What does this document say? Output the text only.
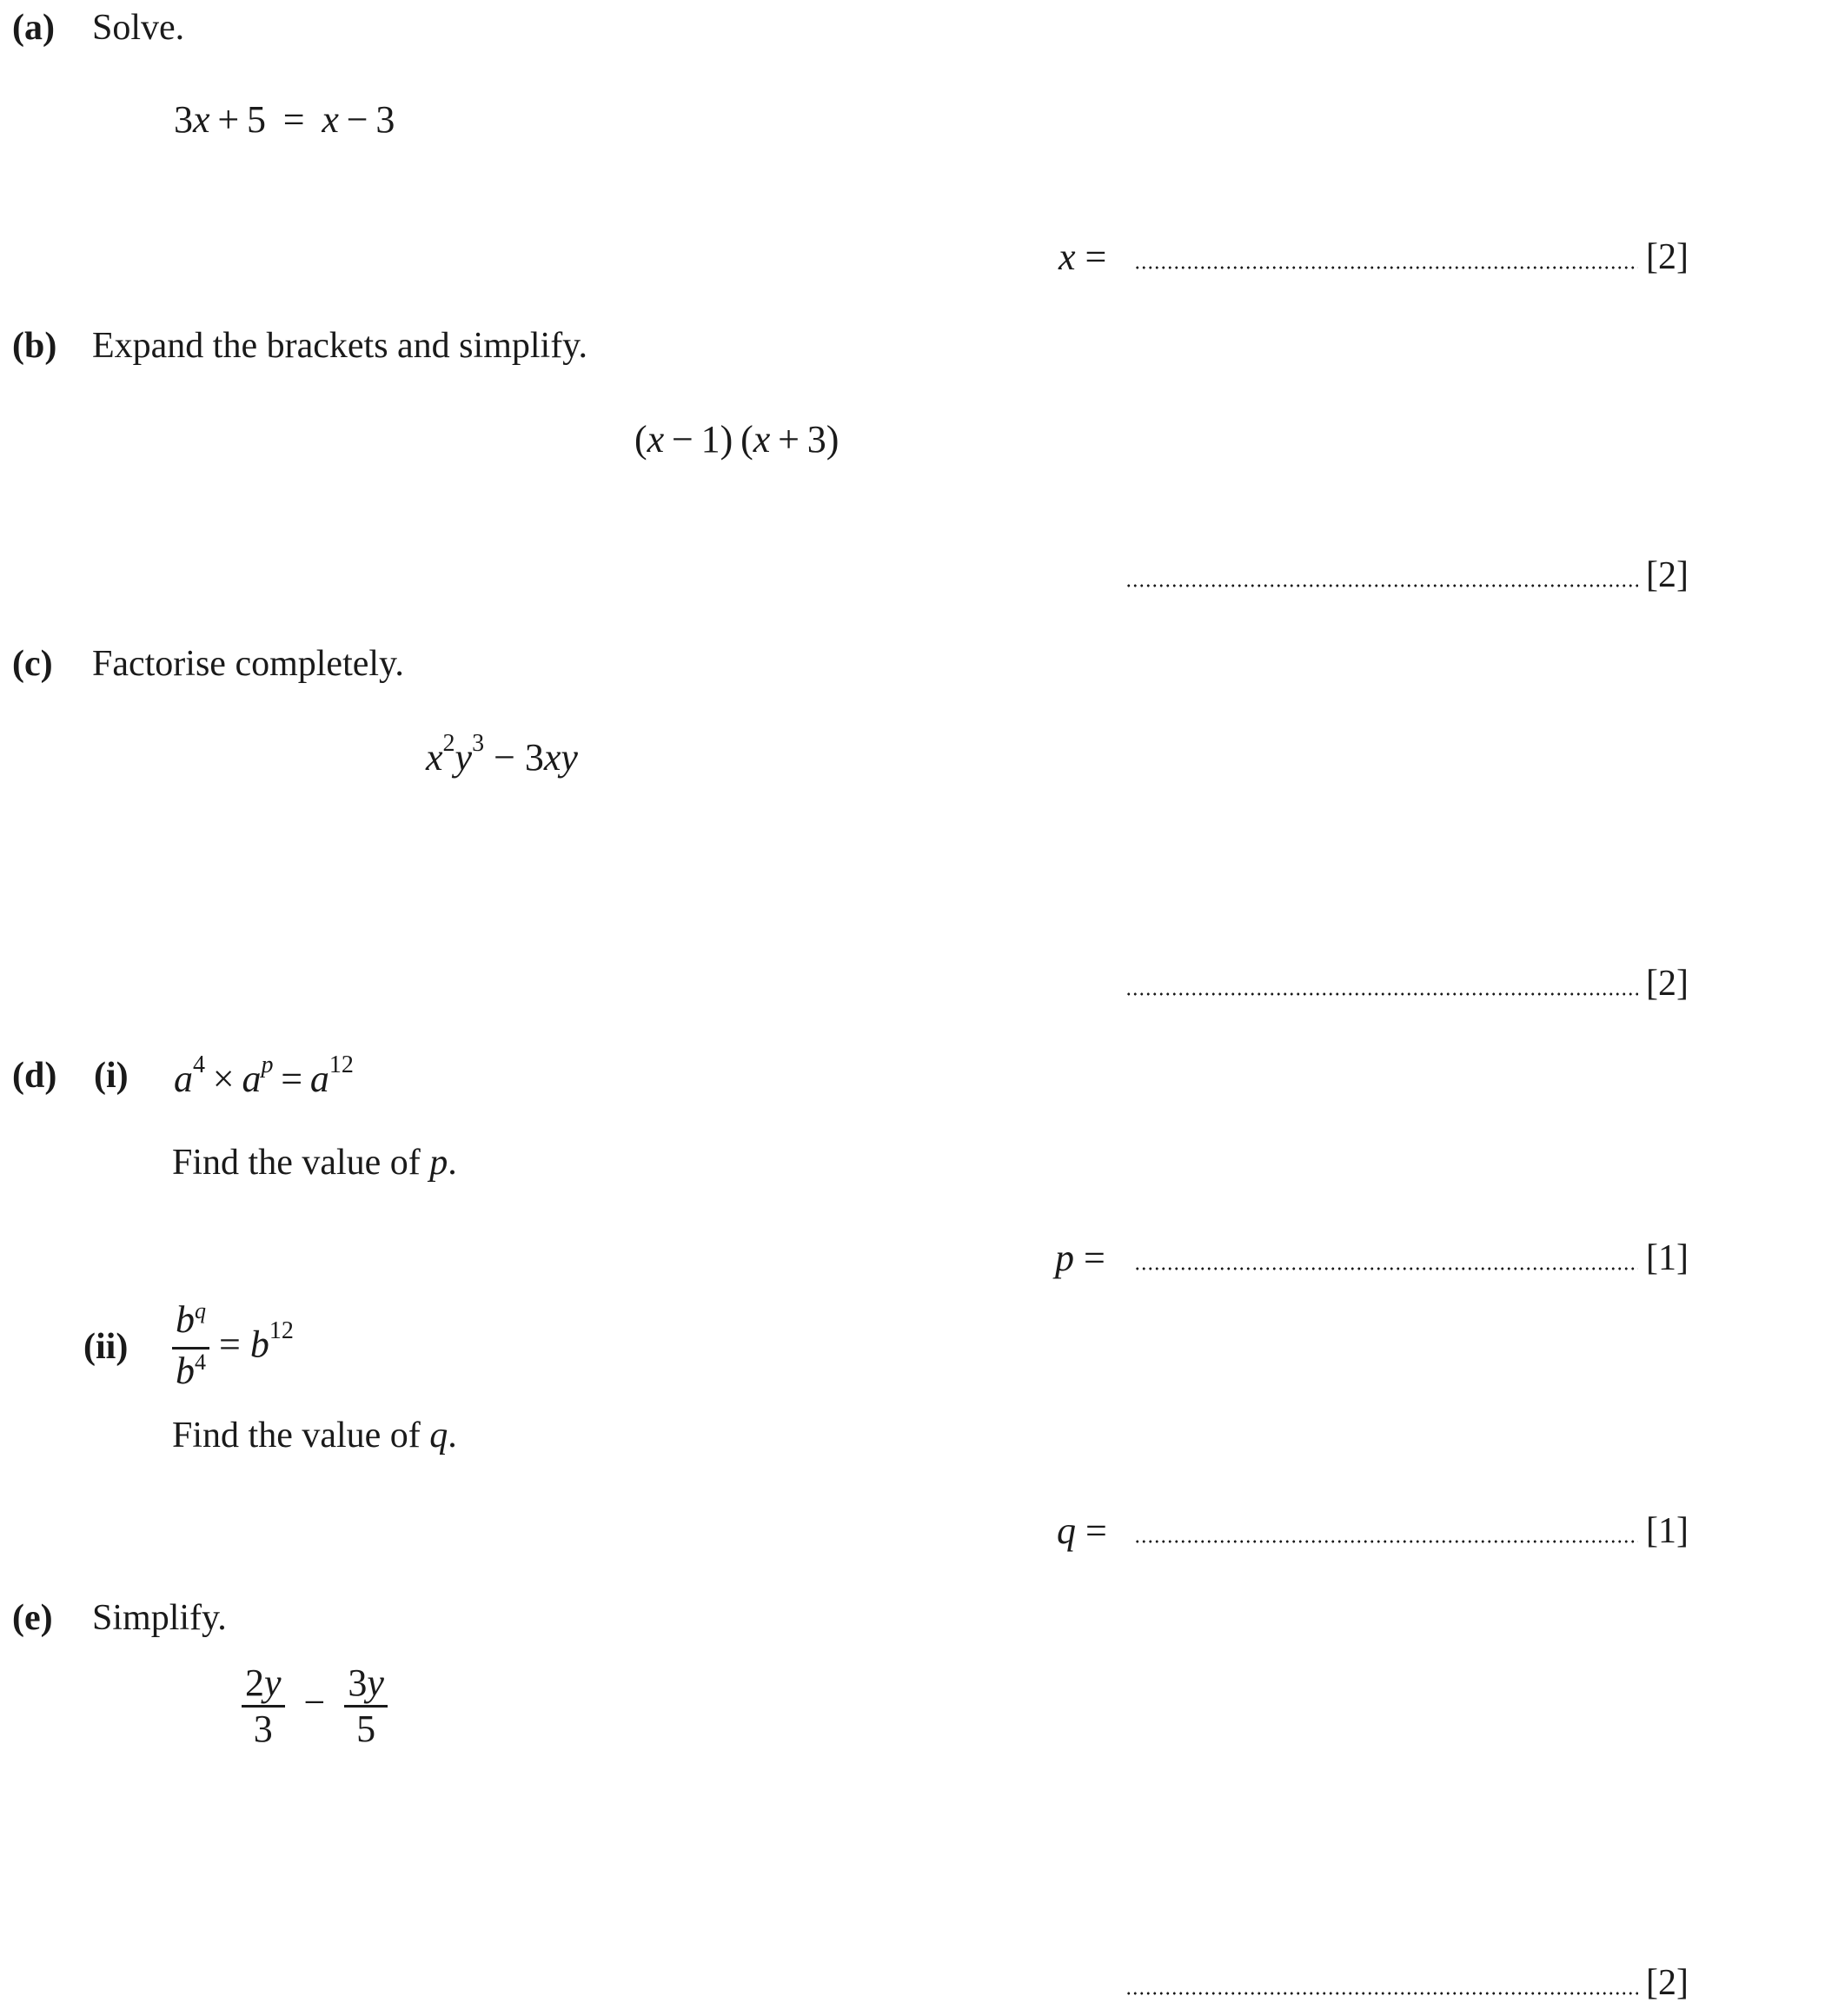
(a) Solve.
3x + 5  =  x − 3
x =	[2]
(b) Expand the brackets and simplify.
(x − 1) (x + 3)
[2]
(c) Factorise completely.
$x^2y^3 - 3xy$
[2]
(d) (i) $a^4 \times a^p = a^{12}$
Find the value of p.
p =	[1]
$(ii) \frac{b^q}{b^4} = b^{12}$
Find the value of q.
q =	[1]
(e) Simplify.
$\frac{2y}{3} - \frac{3y}{5}$
[2]
